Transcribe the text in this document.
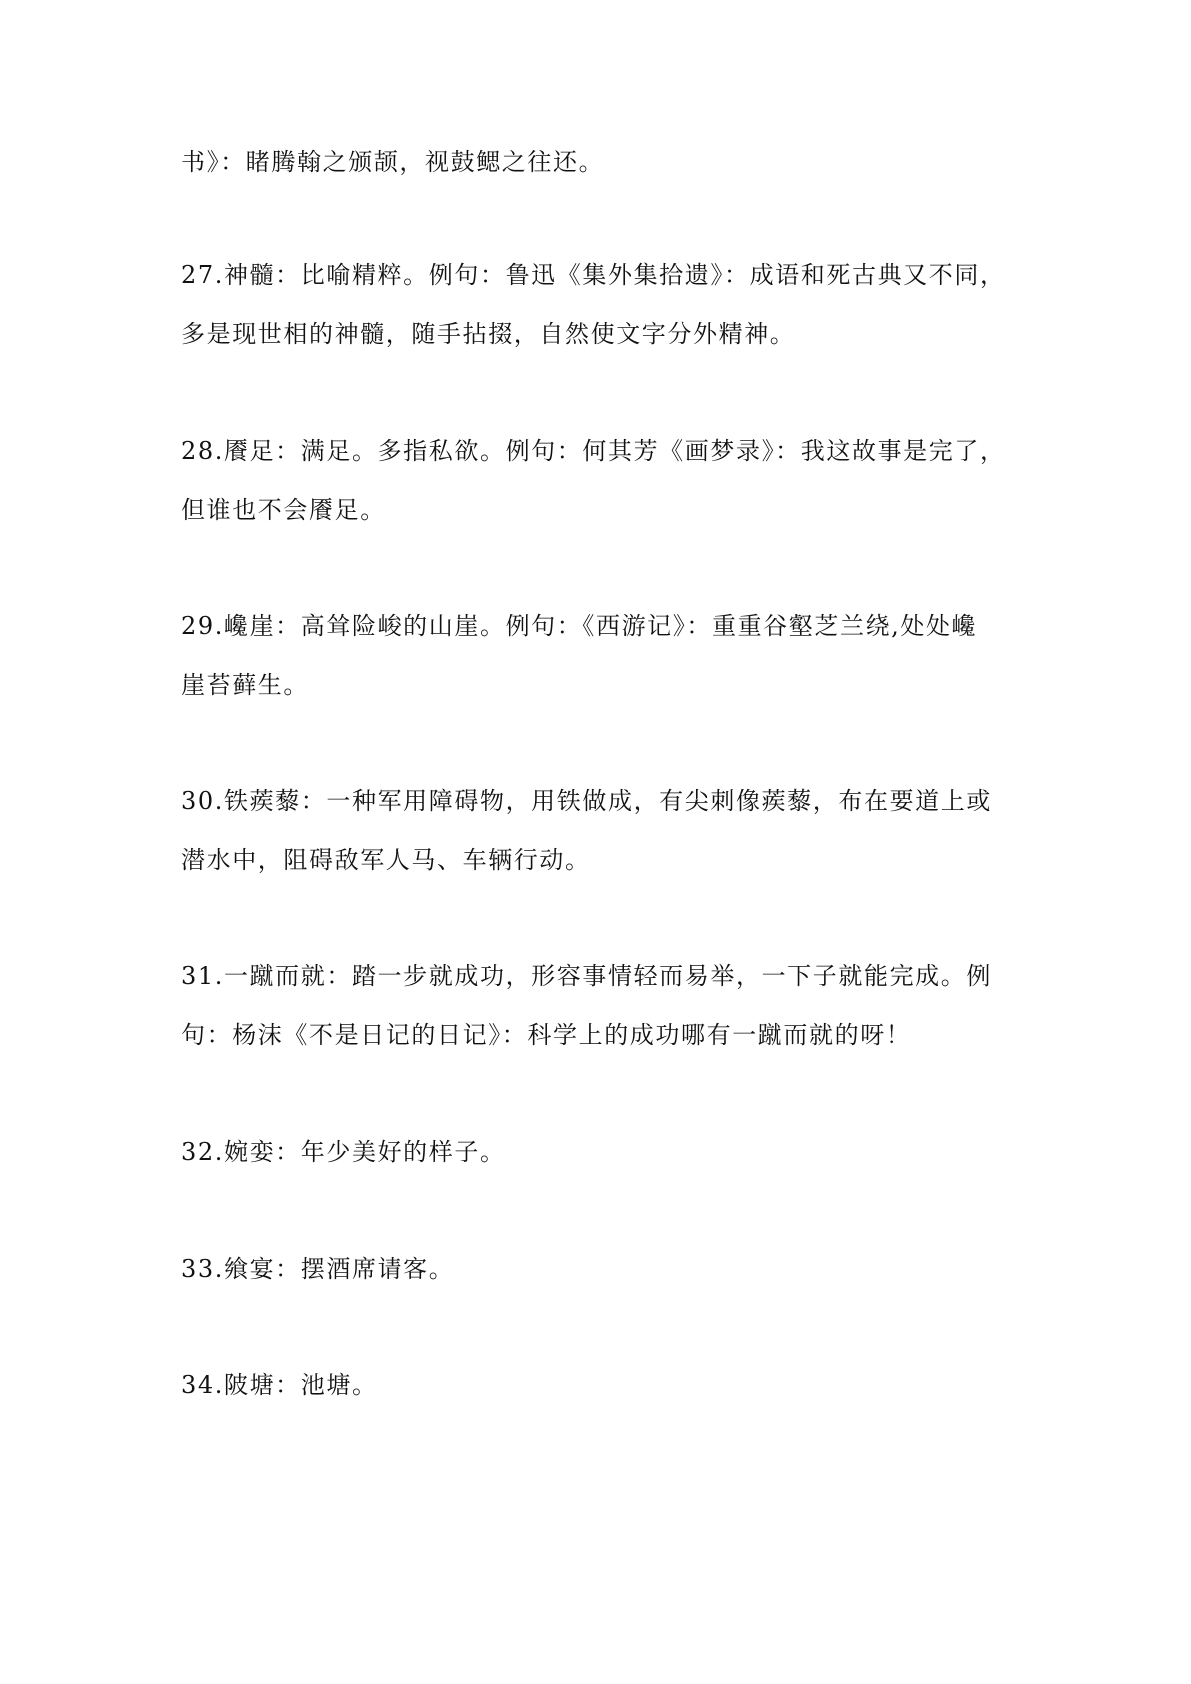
书》：睹腾翰之颁颉，视鼓鳃之往还。
27.神髓：比喻精粹。例句：鲁迅《集外集拾遗》：成语和死古典又不同，
多是现世相的神髓，随手拈掇，自然使文字分外精神。
28.餍足：满足。多指私欲。例句：何其芳《画梦录》：我这故事是完了，
但谁也不会餍足。
29.巉崖：高耸险峻的山崖。例句：《西游记》：重重谷壑芝兰绕,处处巉
崖苔藓生。
30.铁蒺藜：一种军用障碍物，用铁做成，有尖刺像蒺藜，布在要道上或
潜水中，阻碍敌军人马、车辆行动。
31.一蹴而就：踏一步就成功，形容事情轻而易举，一下子就能完成。例
句：杨沫《不是日记的日记》：科学上的成功哪有一蹴而就的呀！
32.婉娈：年少美好的样子。
33.飨宴：摆酒席请客。
34.陂塘：池塘。
